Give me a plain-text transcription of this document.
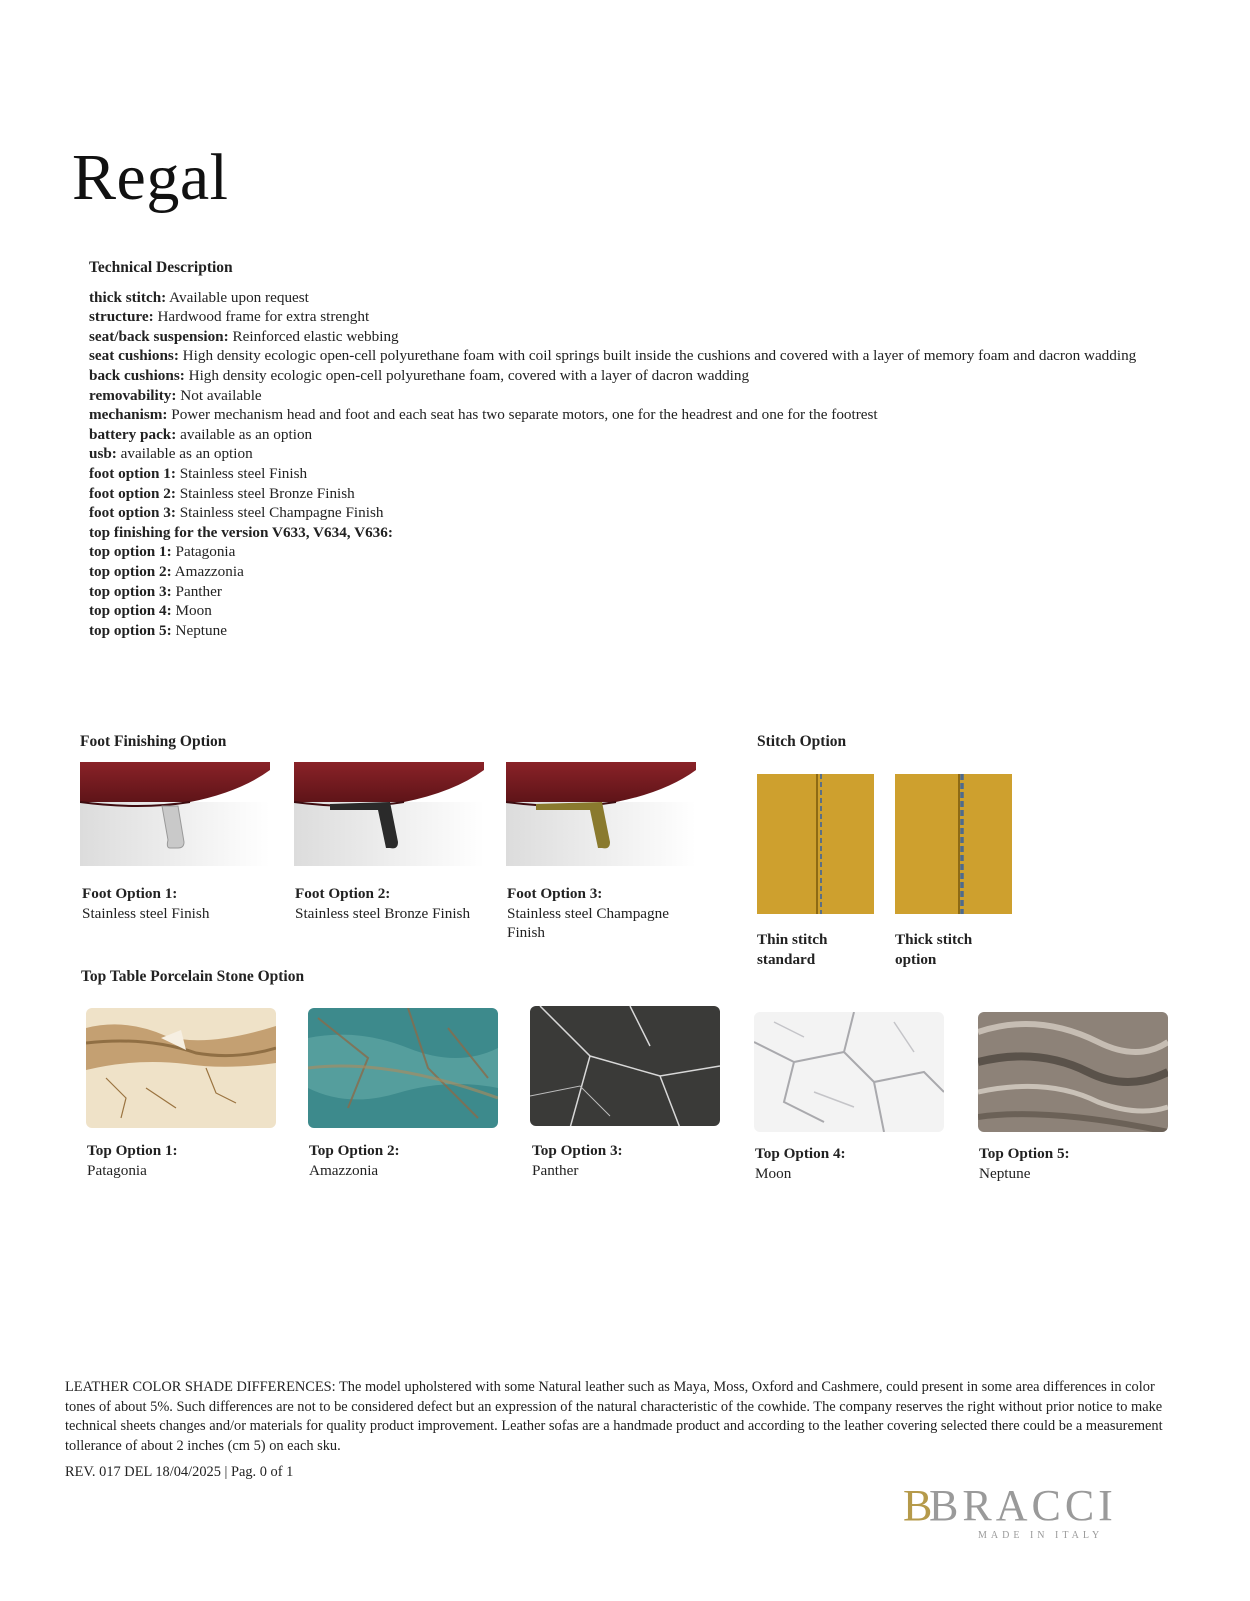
Regal
Technical Description
thick stitch: Available upon request
structure: Hardwood frame for extra strenght
seat/back suspension: Reinforced elastic webbing
seat cushions: High density ecologic open-cell polyurethane foam with coil springs built inside the cushions and covered with a layer of memory foam and dacron wadding
back cushions: High density ecologic open-cell polyurethane foam, covered with a layer of dacron wadding
removability: Not available
mechanism: Power mechanism head and foot and each seat has two separate motors, one for the headrest and one for the footrest
battery pack: available as an option
usb: available as an option
foot option 1: Stainless steel Finish
foot option 2: Stainless steel Bronze Finish
foot option 3: Stainless steel Champagne Finish
top finishing for the version V633, V634, V636:
top option 1: Patagonia
top option 2: Amazzonia
top option 3: Panther
top option 4: Moon
top option 5: Neptune
Foot Finishing Option
Foot Option 1:
Stainless steel Finish
Foot Option 2:
Stainless steel Bronze Finish
Foot Option 3:
Stainless steel Champagne Finish
Stitch Option
Thin stitch standard
Thick stitch option
Top Table Porcelain Stone Option
Top Option 1:
Patagonia
Top Option 2:
Amazzonia
Top Option 3:
Panther
Top Option 4:
Moon
Top Option 5:
Neptune
LEATHER COLOR SHADE DIFFERENCES: The model upholstered with some Natural leather such as Maya, Moss, Oxford and Cashmere, could present in some area differences in color tones of about 5%. Such differences are not to be considered defect but an expression of the natural characteristic of the cowhide. The company reserves the right without prior notice to make technical sheets changes and/or materials for quality product improvement. Leather sofas are a handmade product and according to the leather covering selected there could be a measurement tollerance of about 2 inches (cm 5) on each sku.
REV. 017 DEL 18/04/2025 | Pag. 0 of 1
B
BRACCI
MADE IN ITALY
